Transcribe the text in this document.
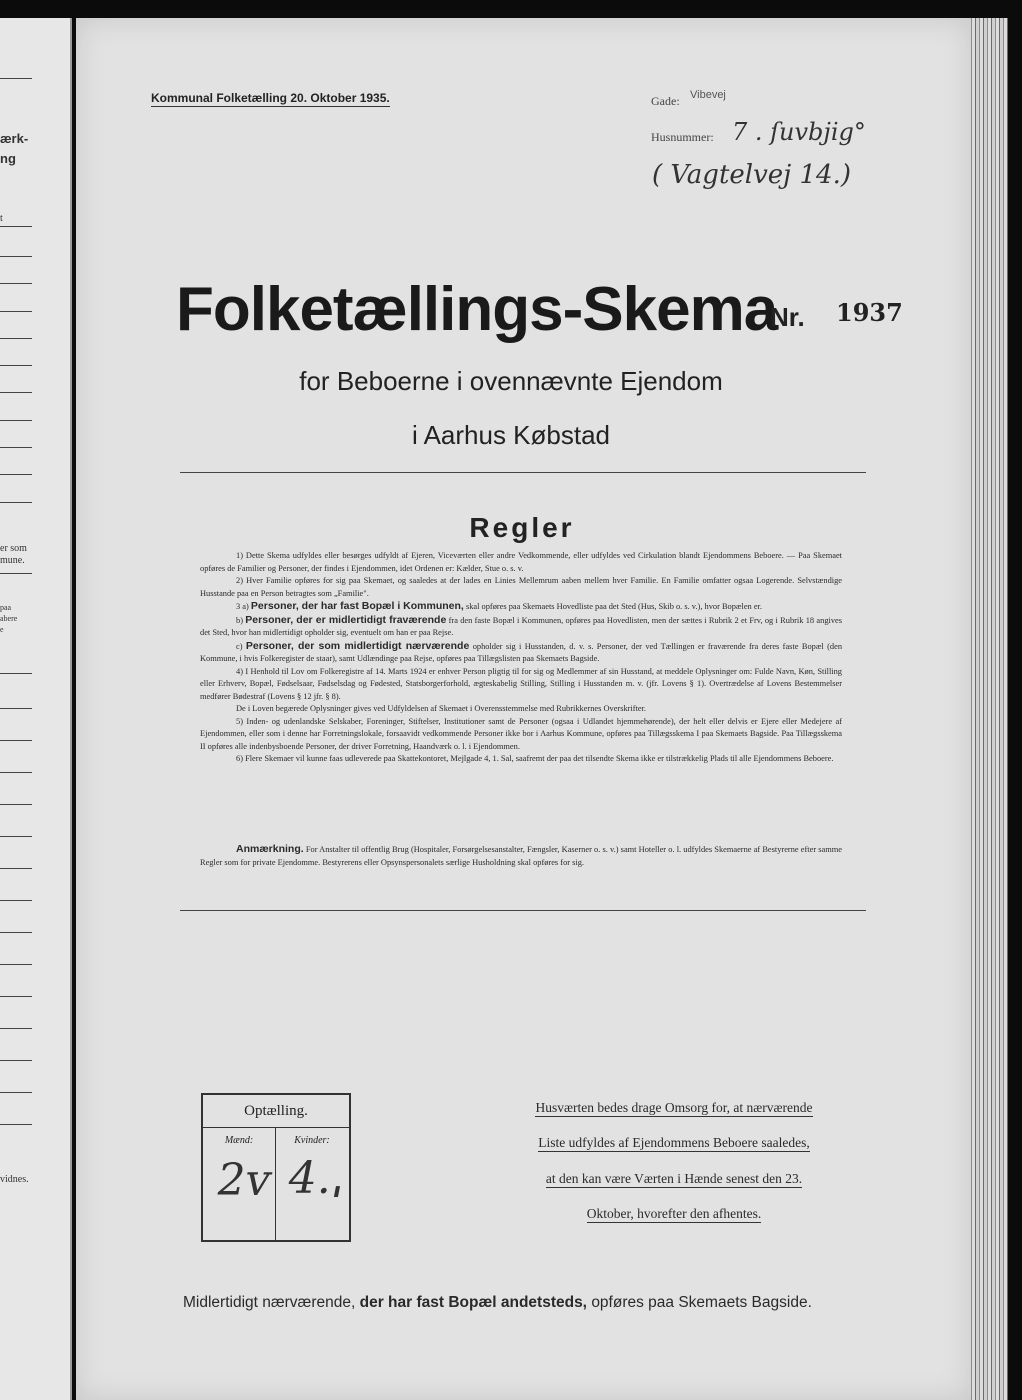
ærk-
ng
t
er som
mune.
paa
abere
e
vidnes.
Kommunal Folketælling 20. Oktober 1935.	Gade: Vibevej
Husnummer: 7 . ſuvbjig°
( Vagtelvej 14.)
Folketællings-Skema
Nr. 1937
for Beboerne i ovennævnte Ejendom
i Aarhus Købstad
Regler

1) Dette Skema udfyldes eller besørges udfyldt af Ejeren, Viceværten eller andre Vedkommende, eller udfyldes ved Cirkulation blandt Ejendommens Beboere. — Paa Skemaet opføres de Familier og Personer, der findes i Ejendommen, idet Ordenen er: Kælder, Stue o. s. v.

2) Hver Familie opføres for sig paa Skemaet, og saaledes at der lades en Linies Mellemrum aaben mellem hver Familie. En Familie omfatter ogsaa Logerende. Selvstændige Husstande paa en Person betragtes som „Familie".

3 a) Personer, der har fast Bopæl i Kommunen, skal opføres paa Skemaets Hovedliste paa det Sted (Hus, Skib o. s. v.), hvor Bopælen er.

b) Personer, der er midlertidigt fraværende fra den faste Bopæl i Kommunen, opføres paa Hovedlisten, men der sættes i Rubrik 2 et Frv, og i Rubrik 18 angives det Sted, hvor han midlertidigt opholder sig, eventuelt om han er paa Rejse.

c) Personer, der som midlertidigt nærværende opholder sig i Husstanden, d. v. s. Personer, der ved Tællingen er fraværende fra deres faste Bopæl (den Kommune, i hvis Folkeregister de staar), samt Udlændinge paa Rejse, opføres paa Tillægslisten paa Skemaets Bagside.

4) I Henhold til Lov om Folkeregistre af 14. Marts 1924 er enhver Person pligtig til for sig og Medlemmer af sin Husstand, at meddele Oplysninger om: Fulde Navn, Køn, Stilling eller Erhverv, Bopæl, Fødselsaar, Fødselsdag og Fødested, Statsborgerforhold, ægteskabelig Stilling, Stilling i Husstanden m. v. (jfr. Lovens § 1). Overtrædelse af Lovens Bestemmelser medfører Bødestraf (Lovens § 12 jfr. § 8).

De i Loven begærede Oplysninger gives ved Udfyldelsen af Skemaet i Overensstemmelse med Rubrikkernes Overskrifter.

5) Inden- og udenlandske Selskaber, Foreninger, Stiftelser, Institutioner samt de Personer (ogsaa i Udlandet hjemmehørende), der helt eller delvis er Ejere eller Medejere af Ejendommen, eller som i denne har Forretningslokale, forsaavidt vedkommende Personer ikke bor i Aarhus Kommune, opføres paa Tillægsskema I paa Skemaets Bagside. Paa Tillægsskema II opføres alle indenbysboende Personer, der driver Forretning, Haandværk o. l. i Ejendommen.

6) Flere Skemaer vil kunne faas udleverede paa Skattekontoret, Mejlgade 4, 1. Sal, saafremt der paa det tilsendte Skema ikke er tilstrækkelig Plads til alle Ejendommens Beboere.

Anmærkning. For Anstalter til offentlig Brug (Hospitaler, Forsørgelsesanstalter, Fængsler, Kaserner o. s. v.) samt Hoteller o. l. udfyldes Skemaerne af Bestyrerne efter samme Regler som for private Ejendomme. Bestyrerens eller Opsynspersonalets særlige Husholdning skal opføres for sig.
Optælling.
Mænd:	Kvinder:
2ᴠ 4.ˌ
Husværten bedes drage Omsorg for, at nærværende
Liste udfyldes af Ejendommens Beboere saaledes,
at den kan være Værten i Hænde senest den 23.
Oktober, hvorefter den afhentes.
Midlertidigt nærværende, der har fast Bopæl andetsteds, opføres paa Skemaets Bagside.
